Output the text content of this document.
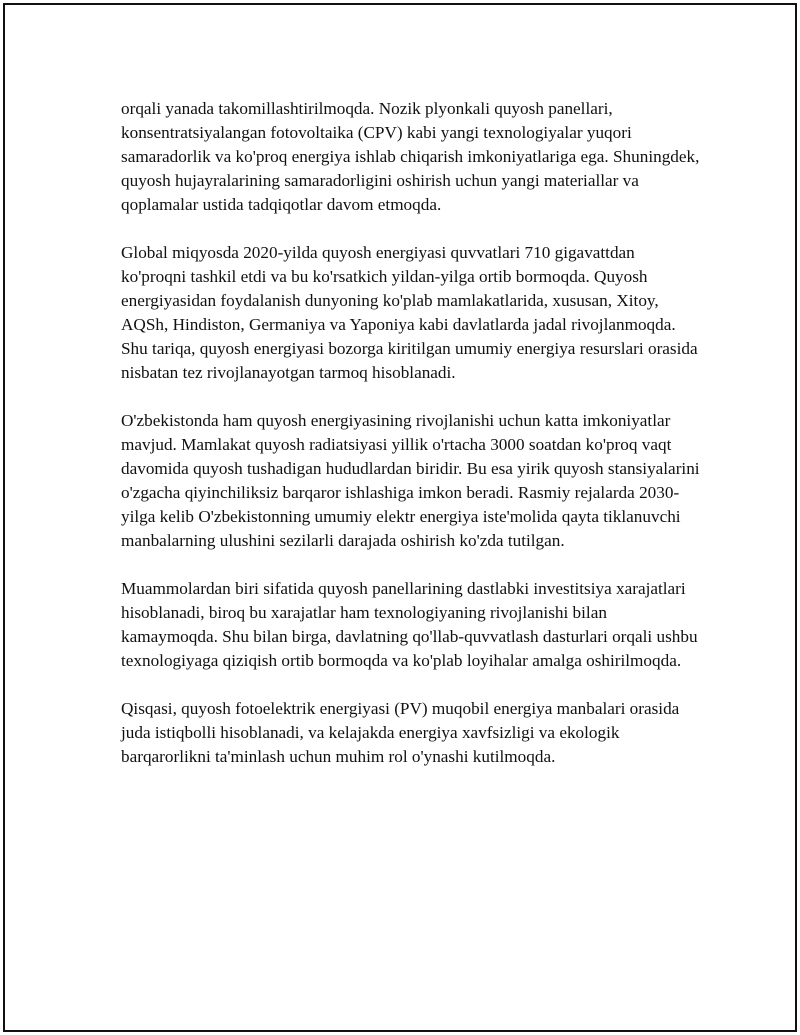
orqali yanada takomillashtirilmoqda. Nozik plyonkali quyosh panellari, konsentratsiyalangan fotovoltaika (CPV) kabi yangi texnologiyalar yuqori samaradorlik va ko'proq energiya ishlab chiqarish imkoniyatlariga ega. Shuningdek, quyosh hujayralarining samaradorligini oshirish uchun yangi materiallar va qoplamalar ustida tadqiqotlar davom etmoqda.

Global miqyosda 2020-yilda quyosh energiyasi quvvatlari 710 gigavattdan ko'proqni tashkil etdi va bu ko'rsatkich yildan-yilga ortib bormoqda. Quyosh energiyasidan foydalanish dunyoning ko'plab mamlakatlarida, xususan, Xitoy, AQSh, Hindiston, Germaniya va Yaponiya kabi davlatlarda jadal rivojlanmoqda. Shu tariqa, quyosh energiyasi bozorga kiritilgan umumiy energiya resurslari orasida nisbatan tez rivojlanayotgan tarmoq hisoblanadi.

O'zbekistonda ham quyosh energiyasining rivojlanishi uchun katta imkoniyatlar mavjud. Mamlakat quyosh radiatsiyasi yillik o'rtacha 3000 soatdan ko'proq vaqt davomida quyosh tushadigan hududlardan biridir. Bu esa yirik quyosh stansiyalarini o'zgacha qiyinchiliksiz barqaror ishlashiga imkon beradi. Rasmiy rejalarda 2030-yilga kelib O'zbekistonning umumiy elektr energiya iste'molida qayta tiklanuvchi manbalarning ulushini sezilarli darajada oshirish ko'zda tutilgan.

Muammolardan biri sifatida quyosh panellarining dastlabki investitsiya xarajatlari hisoblanadi, biroq bu xarajatlar ham texnologiyaning rivojlanishi bilan kamaymoqda. Shu bilan birga, davlatning qo'llab-quvvatlash dasturlari orqali ushbu texnologiyaga qiziqish ortib bormoqda va ko'plab loyihalar amalga oshirilmoqda.

Qisqasi, quyosh fotoelektrik energiyasi (PV) muqobil energiya manbalari orasida juda istiqbolli hisoblanadi, va kelajakda energiya xavfsizligi va ekologik barqarorlikni ta'minlash uchun muhim rol o'ynashi kutilmoqda.
